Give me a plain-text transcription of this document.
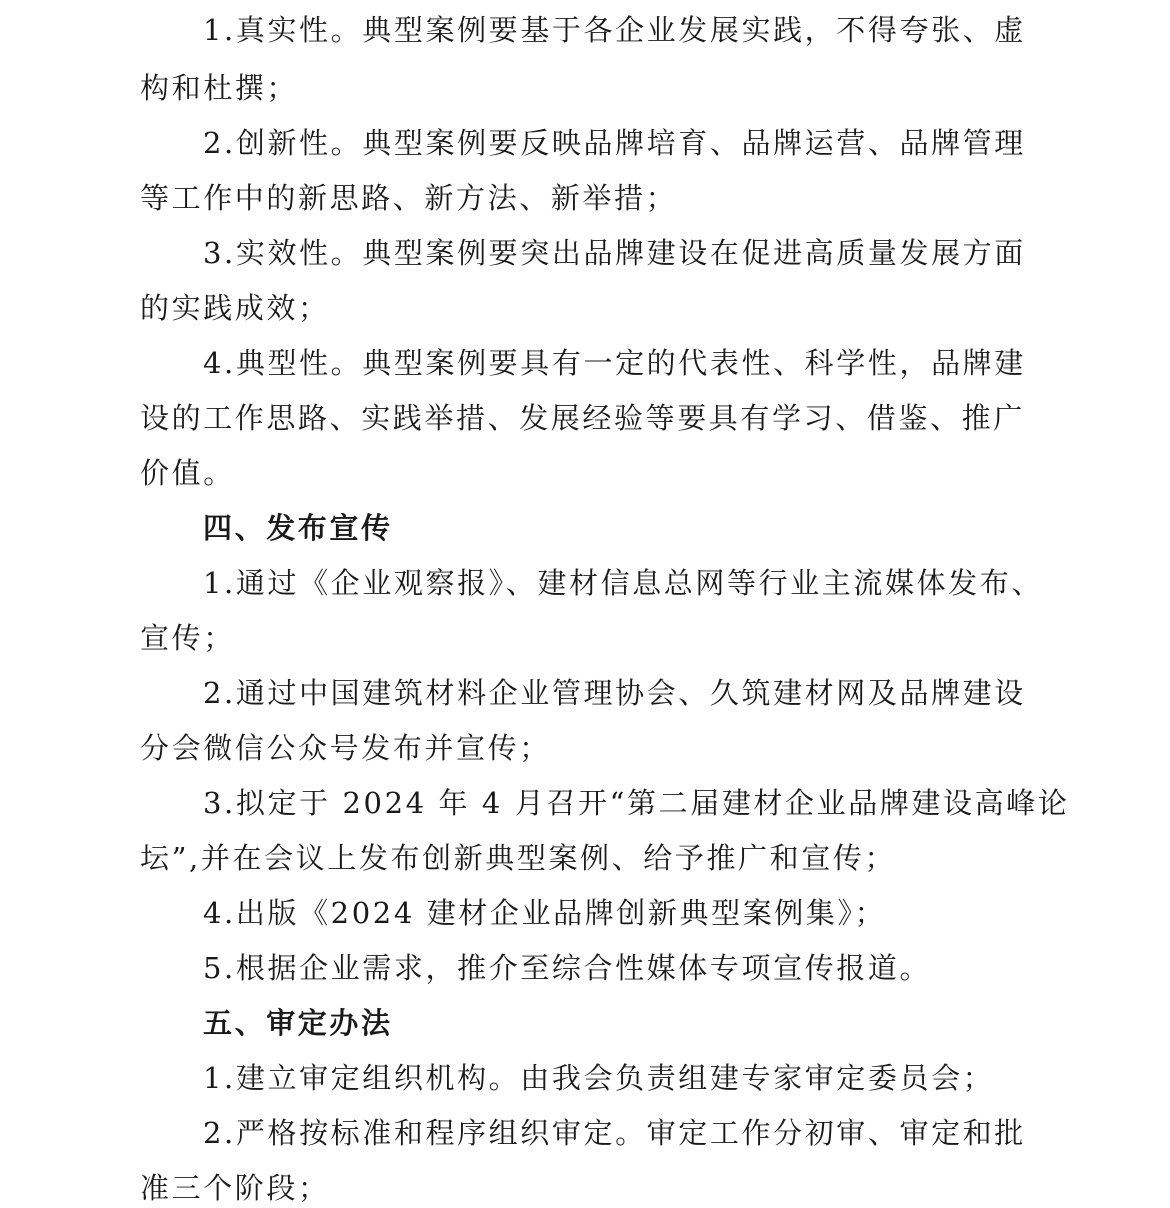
1.真实性。典型案例要基于各企业发展实践，不得夸张、虚
构和杜撰；
2.创新性。典型案例要反映品牌培育、品牌运营、品牌管理
等工作中的新思路、新方法、新举措；
3.实效性。典型案例要突出品牌建设在促进高质量发展方面
的实践成效；
4.典型性。典型案例要具有一定的代表性、科学性，品牌建
设的工作思路、实践举措、发展经验等要具有学习、借鉴、推广
价值。
四、发布宣传
1.通过《企业观察报》、建材信息总网等行业主流媒体发布、
宣传；
2.通过中国建筑材料企业管理协会、久筑建材网及品牌建设
分会微信公众号发布并宣传；
3.拟定于 2024 年 4 月召开“第二届建材企业品牌建设高峰论
坛”,并在会议上发布创新典型案例、给予推广和宣传；
4.出版《2024 建材企业品牌创新典型案例集》；
5.根据企业需求，推介至综合性媒体专项宣传报道。
五、审定办法
1.建立审定组织机构。由我会负责组建专家审定委员会；
2.严格按标准和程序组织审定。审定工作分初审、审定和批
准三个阶段；
